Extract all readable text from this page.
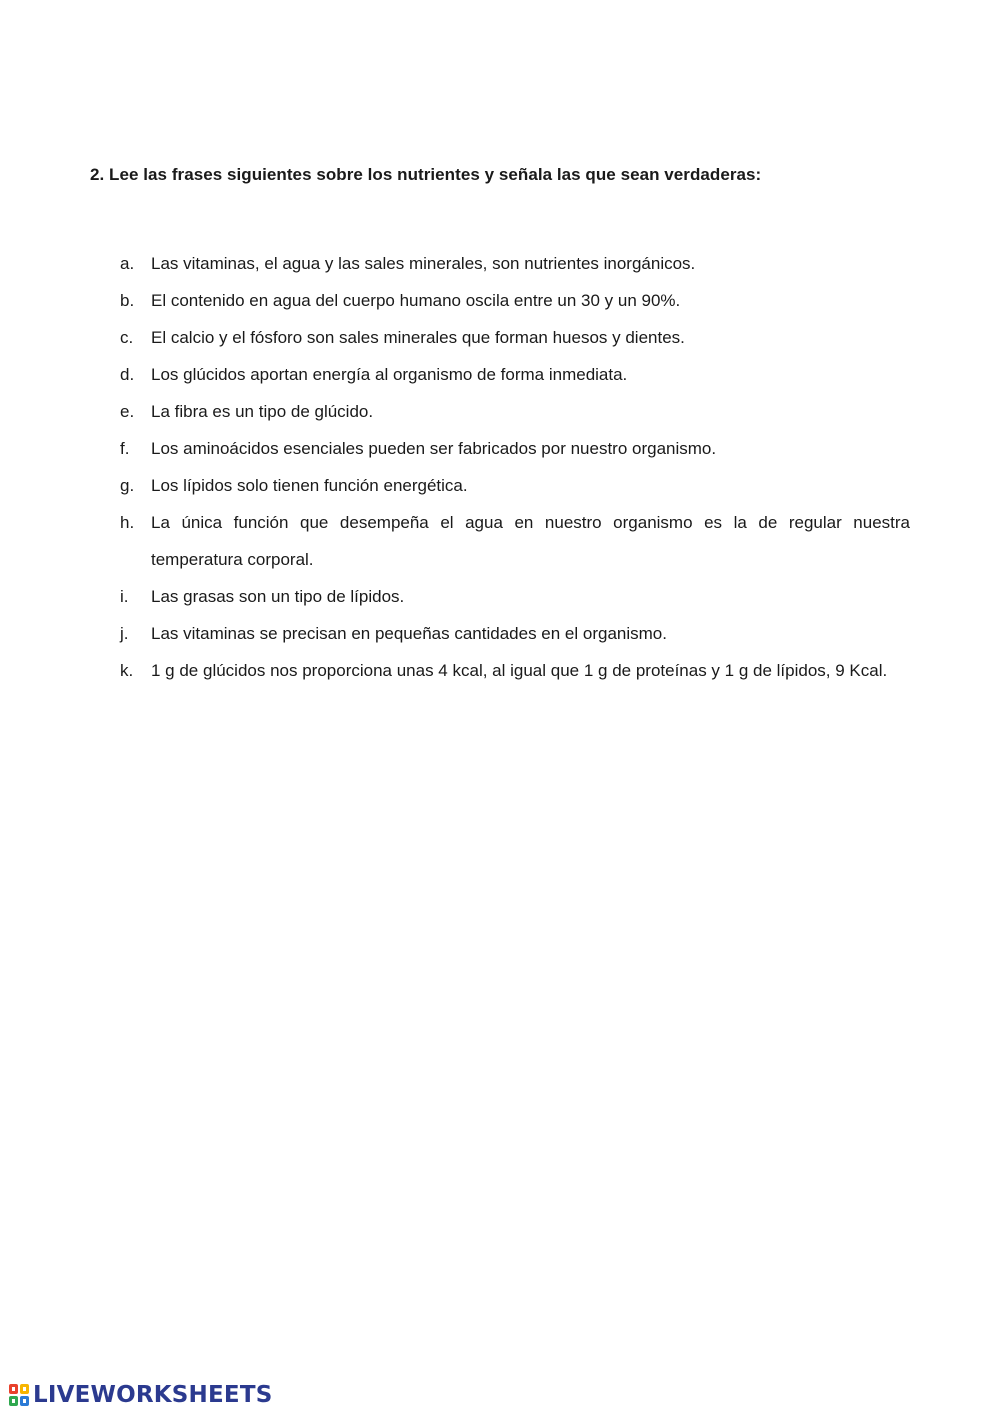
2. Lee las frases siguientes sobre los nutrientes y señala las que sean verdaderas:
a. Las vitaminas, el agua y las sales minerales, son nutrientes inorgánicos.
b. El contenido en agua del cuerpo humano oscila entre un 30 y un 90%.
c.	El calcio y el fósforo son sales minerales que forman huesos y dientes.
d. Los glúcidos aportan energía al organismo de forma inmediata.
e. La fibra es un tipo de glúcido.
f.	Los aminoácidos esenciales pueden ser fabricados por nuestro organismo.
g. Los lípidos solo tienen función energética.
h. La única función que desempeña el agua en nuestro organismo es la de regular nuestra temperatura corporal.
i.	Las grasas son un tipo de lípidos.
j.	Las vitaminas se precisan en pequeñas cantidades en el organismo.
k.	1 g de glúcidos nos proporciona unas 4 kcal, al igual que 1 g de proteínas y 1 g de lípidos, 9 Kcal.
LIVEWORKSHEETS
